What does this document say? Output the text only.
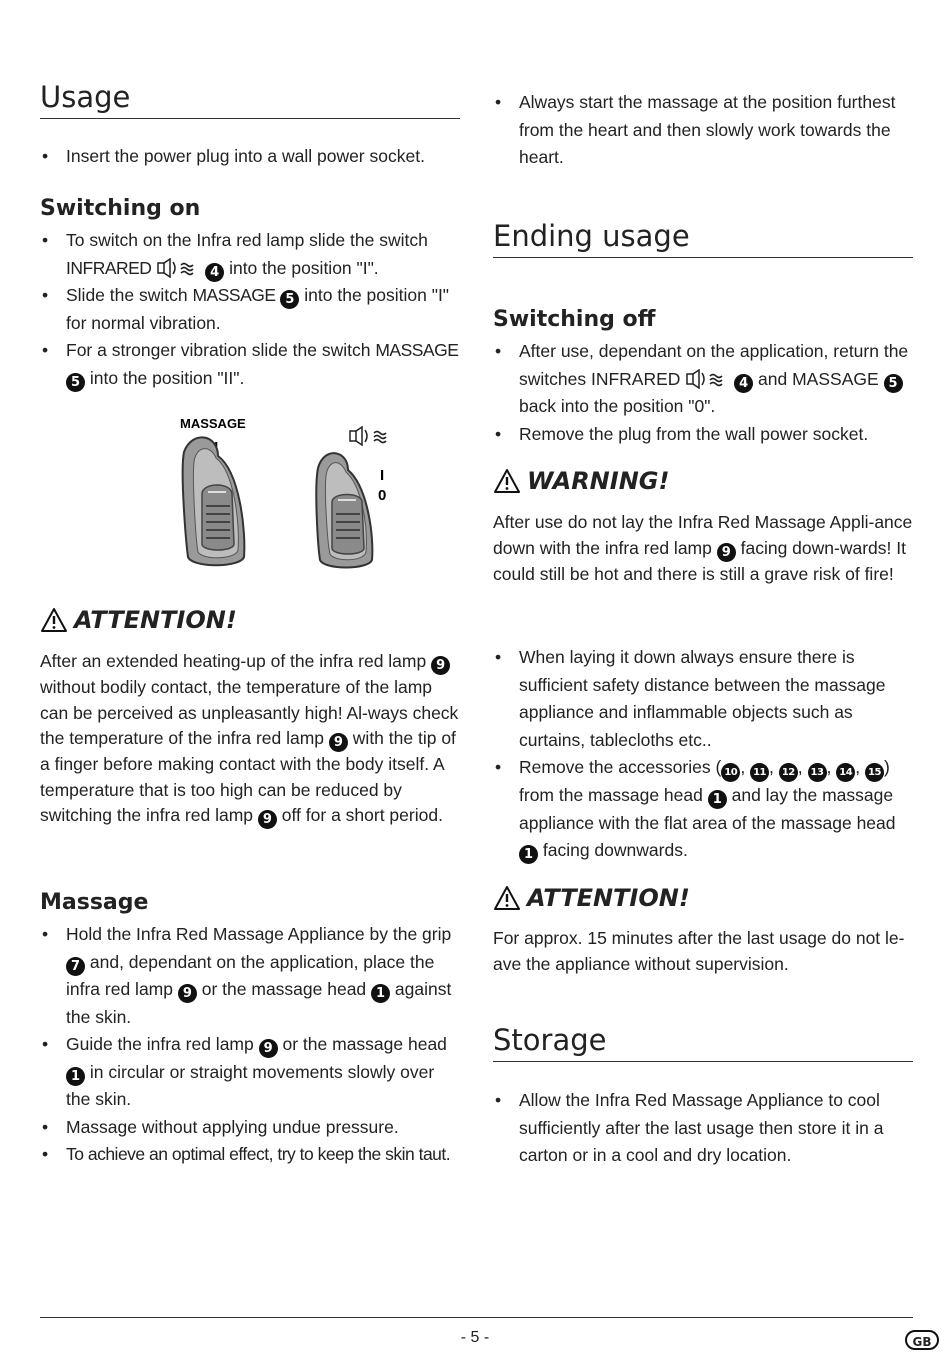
Usage
• Insert the power plug into a wall power socket.
Switching on
• To switch on the Infra red lamp slide the switch INFRARED	4 into the position "I".
• Slide the switch MASSAGE 5 into the position "I" for normal vibration.
• For a stronger vibration slide the switch MASSAGE 5 into the position "II".
MASSAGE
I
0
ATTENTION!

After an extended heating-up of the infra red lamp 9 without bodily contact, the temperature of the lamp can be perceived as unpleasantly high! Al-ways check the temperature of the infra red lamp 9 with the tip of a finger before making contact with the body itself. A temperature that is too high can be reduced by switching the infra red lamp 9 off for a short period.

Massage
• Hold the Infra Red Massage Appliance by the grip 7 and, dependant on the application, place the infra red lamp 9 or the massage head 1 against the skin.
• Guide the infra red lamp 9 or the massage head 1 in circular or straight movements slowly over the skin.
• Massage without applying undue pressure.
• To achieve an optimal effect, try to keep the skin taut.
• Always start the massage at the position furthest from the heart and then slowly work towards the heart.
Ending usage
Switching off
• After use, dependant on the application, return the switches INFRARED	4 and MASSAGE 5 back into the position "0".
• Remove the plug from the wall power socket.
WARNING!

After use do not lay the Infra Red Massage Appli-ance down with the infra red lamp 9 facing down-wards! It could still be hot and there is still a grave risk of fire!

• When laying it down always ensure there is sufficient safety distance between the massage appliance and inflammable objects such as curtains, tablecloths etc..
• Remove the accessories ( 10 , 11 , 12 , 13 , 14 , 15 ) from the massage head 1 and lay the massage appliance with the flat area of the massage head 1 facing downwards.
ATTENTION!

For approx. 15 minutes after the last usage do not le-ave the appliance without supervision.

Storage
• Allow the Infra Red Massage Appliance to cool sufficiently after the last usage then store it in a carton or in a cool and dry location.
- 5 -	GB
